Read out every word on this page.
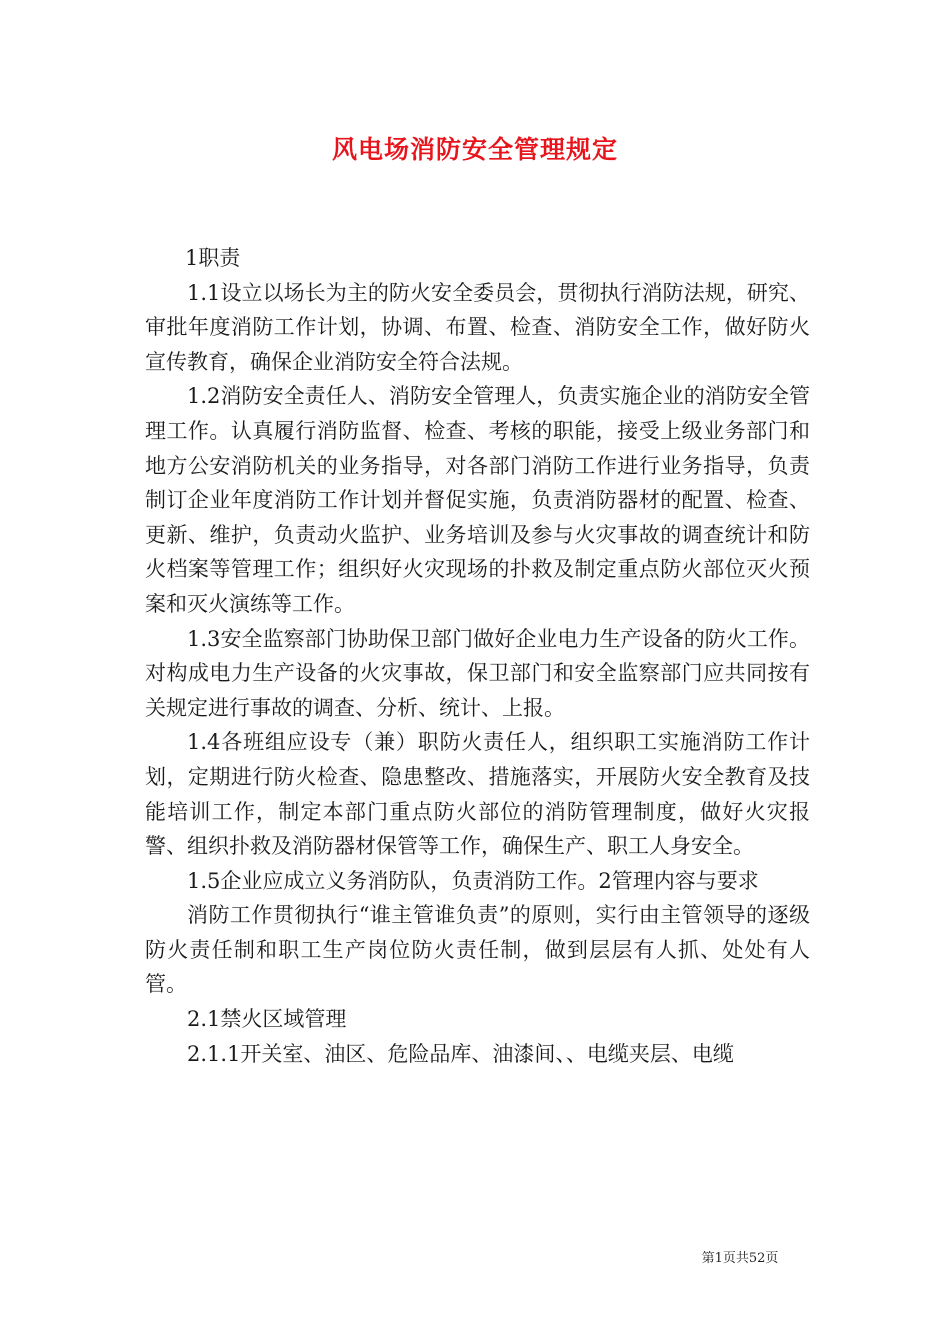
风电场消防安全管理规定

1职责

1.1设立以场长为主的防火安全委员会，贯彻执行消防法规，研究、审批年度消防工作计划，协调、布置、检查、消防安全工作，做好防火宣传教育，确保企业消防安全符合法规。

1.2消防安全责任人、消防安全管理人，负责实施企业的消防安全管理工作。认真履行消防监督、检查、考核的职能，接受上级业务部门和地方公安消防机关的业务指导，对各部门消防工作进行业务指导，负责制订企业年度消防工作计划并督促实施，负责消防器材的配置、检查、更新、维护，负责动火监护、业务培训及参与火灾事故的调查统计和防火档案等管理工作；组织好火灾现场的扑救及制定重点防火部位灭火预案和灭火演练等工作。

1.3安全监察部门协助保卫部门做好企业电力生产设备的防火工作。对构成电力生产设备的火灾事故，保卫部门和安全监察部门应共同按有关规定进行事故的调查、分析、统计、上报。

1.4各班组应设专（兼）职防火责任人，组织职工实施消防工作计划，定期进行防火检查、隐患整改、措施落实，开展防火安全教育及技能培训工作，制定本部门重点防火部位的消防管理制度，做好火灾报警、组织扑救及消防器材保管等工作，确保生产、职工人身安全。

1.5企业应成立义务消防队，负责消防工作。2管理内容与要求

消防工作贯彻执行“谁主管谁负责”的原则，实行由主管领导的逐级防火责任制和职工生产岗位防火责任制，做到层层有人抓、处处有人管。

2.1禁火区域管理

2.1.1开关室、油区、危险品库、油漆间、、电缆夹层、电缆

第1页共52页
